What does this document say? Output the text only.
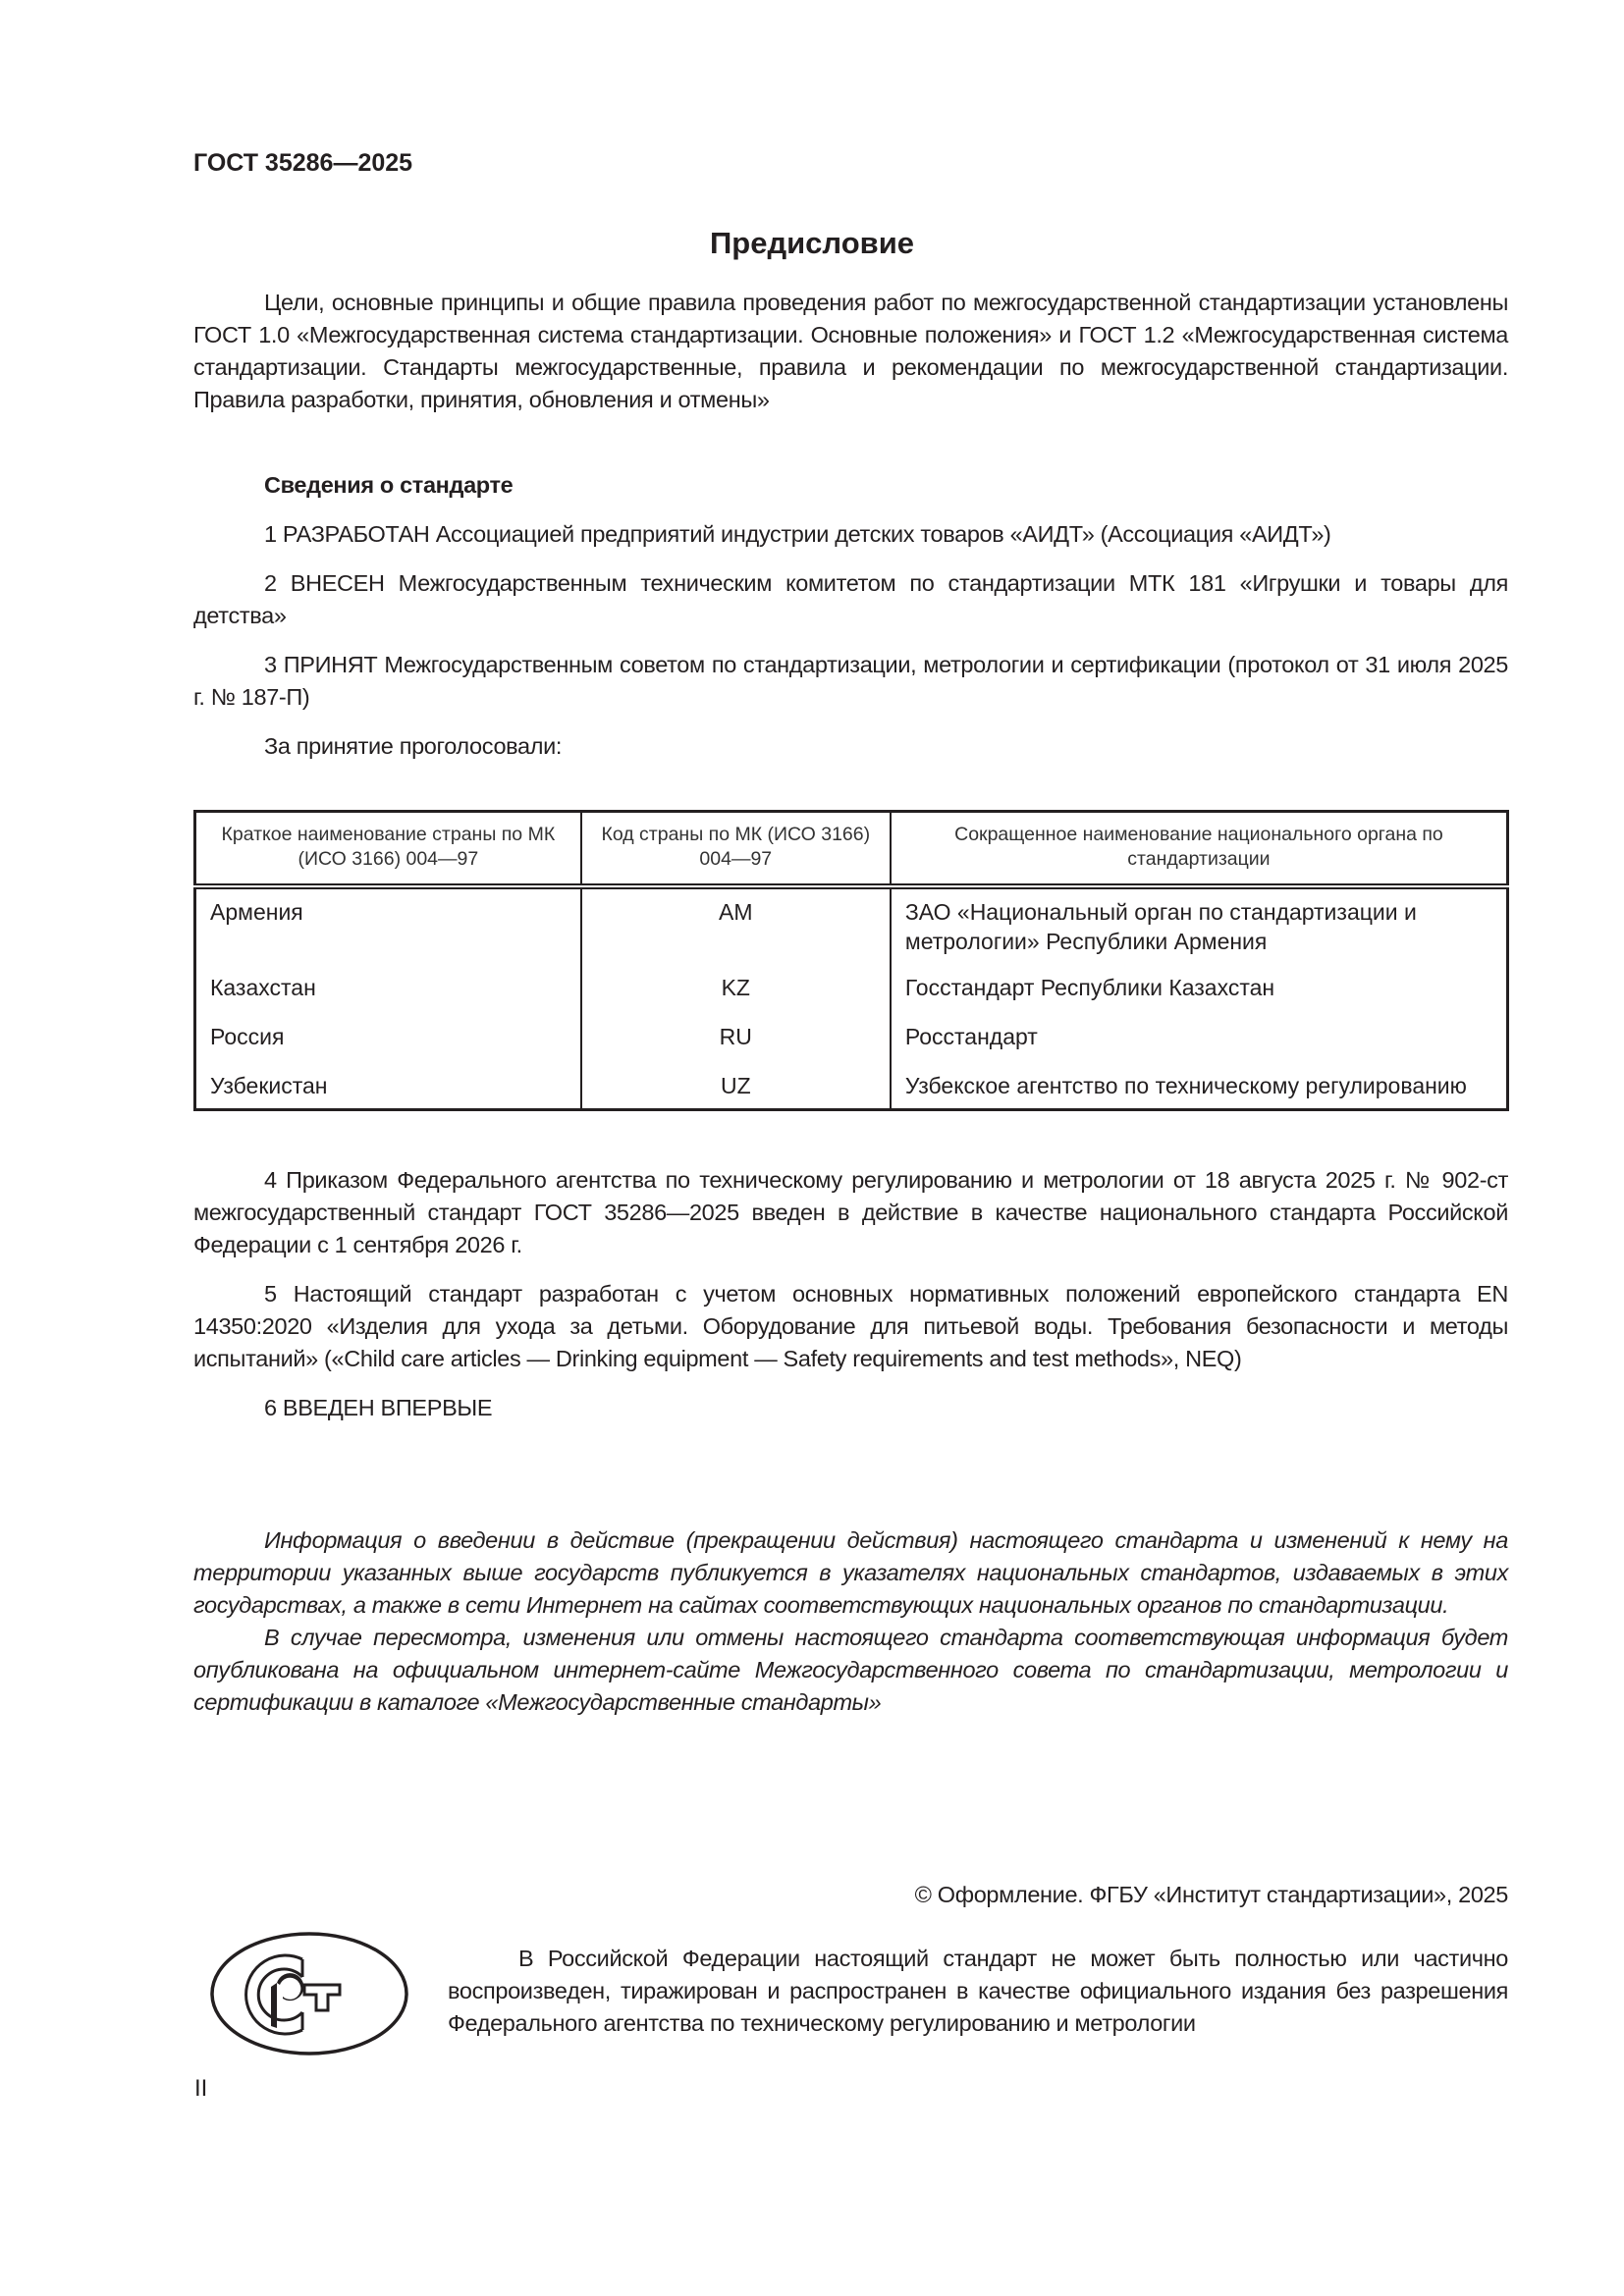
ГОСТ 35286—2025
Предисловие

Цели, основные принципы и общие правила проведения работ по межгосударственной стандартизации установлены ГОСТ 1.0 «Межгосударственная система стандартизации. Основные положения» и ГОСТ 1.2 «Межгосударственная система стандартизации. Стандарты межгосударственные, правила и рекомендации по межгосударственной стандартизации. Правила разработки, принятия, обновления и отмены»

Сведения о стандарте

1 РАЗРАБОТАН Ассоциацией предприятий индустрии детских товаров «АИДТ» (Ассоциация «АИДТ»)

2 ВНЕСЕН Межгосударственным техническим комитетом по стандартизации МТК 181 «Игрушки и товары для детства»

3 ПРИНЯТ Межгосударственным советом по стандартизации, метрологии и сертификации (протокол от 31 июля 2025 г. № 187-П)

За принятие проголосовали:

Краткое наименование страны по МК (ИСО 3166) 004—97	Код страны по МК (ИСО 3166) 004—97	Сокращенное наименование национального органа по стандартизации
Армения	AM	ЗАО «Национальный орган по стандартизации и метрологии» Республики Армения
Казахстан	KZ	Госстандарт Республики Казахстан
Россия	RU	Росстандарт
Узбекистан	UZ	Узбекское агентство по техническому регулированию

4 Приказом Федерального агентства по техническому регулированию и метрологии от 18 августа 2025 г. № 902-ст межгосударственный стандарт ГОСТ 35286—2025 введен в действие в качестве национального стандарта Российской Федерации с 1 сентября 2026 г.

5 Настоящий стандарт разработан с учетом основных нормативных положений европейского стандарта EN 14350:2020 «Изделия для ухода за детьми. Оборудование для питьевой воды. Требования безопасности и методы испытаний» («Child care articles — Drinking equipment — Safety requirements and test methods», NEQ)

6 ВВЕДЕН ВПЕРВЫЕ

Информация о введении в действие (прекращении действия) настоящего стандарта и изменений к нему на территории указанных выше государств публикуется в указателях национальных стандартов, издаваемых в этих государствах, а также в сети Интернет на сайтах соответствующих национальных органов по стандартизации.

В случае пересмотра, изменения или отмены настоящего стандарта соответствующая информация будет опубликована на официальном интернет-сайте Межгосударственного совета по стандартизации, метрологии и сертификации в каталоге «Межгосударственные стандарты»

© Оформление. ФГБУ «Институт стандартизации», 2025
В Российской Федерации настоящий стандарт не может быть полностью или частично воспроизведен, тиражирован и распространен в качестве официального издания без разрешения Федерального агентства по техническому регулированию и метрологии
II
